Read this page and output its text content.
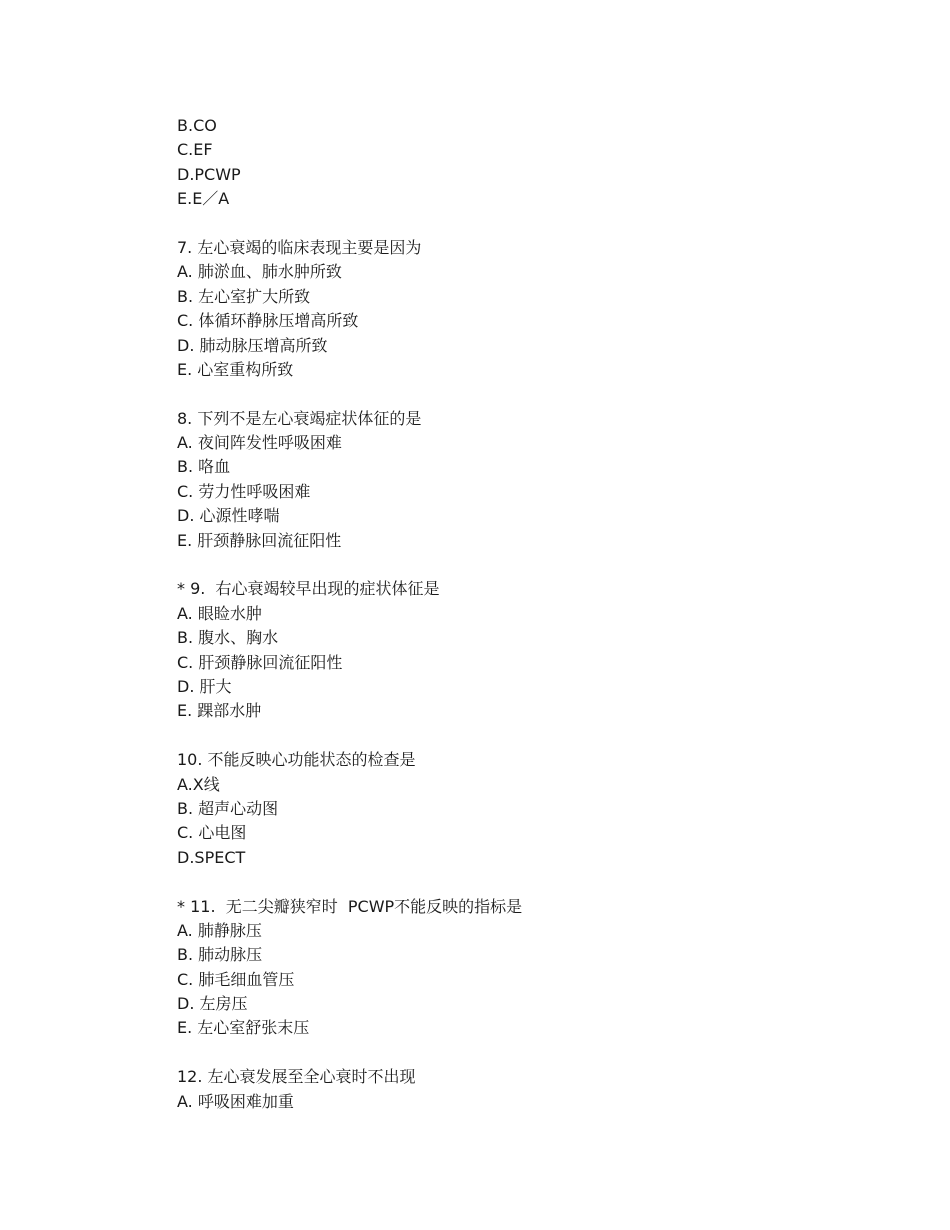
B.CO
C.EF
D.PCWP
E.E／A
7. 左心衰竭的临床表现主要是因为
A. 肺淤血、肺水肿所致
B. 左心室扩大所致
C. 体循环静脉压增高所致
D. 肺动脉压增高所致
E. 心室重构所致
8. 下列不是左心衰竭症状体征的是
A. 夜间阵发性呼吸困难
B. 咯血
C. 劳力性呼吸困难
D. 心源性哮喘
E. 肝颈静脉回流征阳性
* 9.  右心衰竭较早出现的症状体征是
A. 眼睑水肿
B. 腹水、胸水
C. 肝颈静脉回流征阳性
D. 肝大
E. 踝部水肿
10. 不能反映心功能状态的检查是
A.X线
B. 超声心动图
C. 心电图
D.SPECT
* 11.  无二尖瓣狭窄时  PCWP不能反映的指标是
A. 肺静脉压
B. 肺动脉压
C. 肺毛细血管压
D. 左房压
E. 左心室舒张末压
12. 左心衰发展至全心衰时不出现
A. 呼吸困难加重
